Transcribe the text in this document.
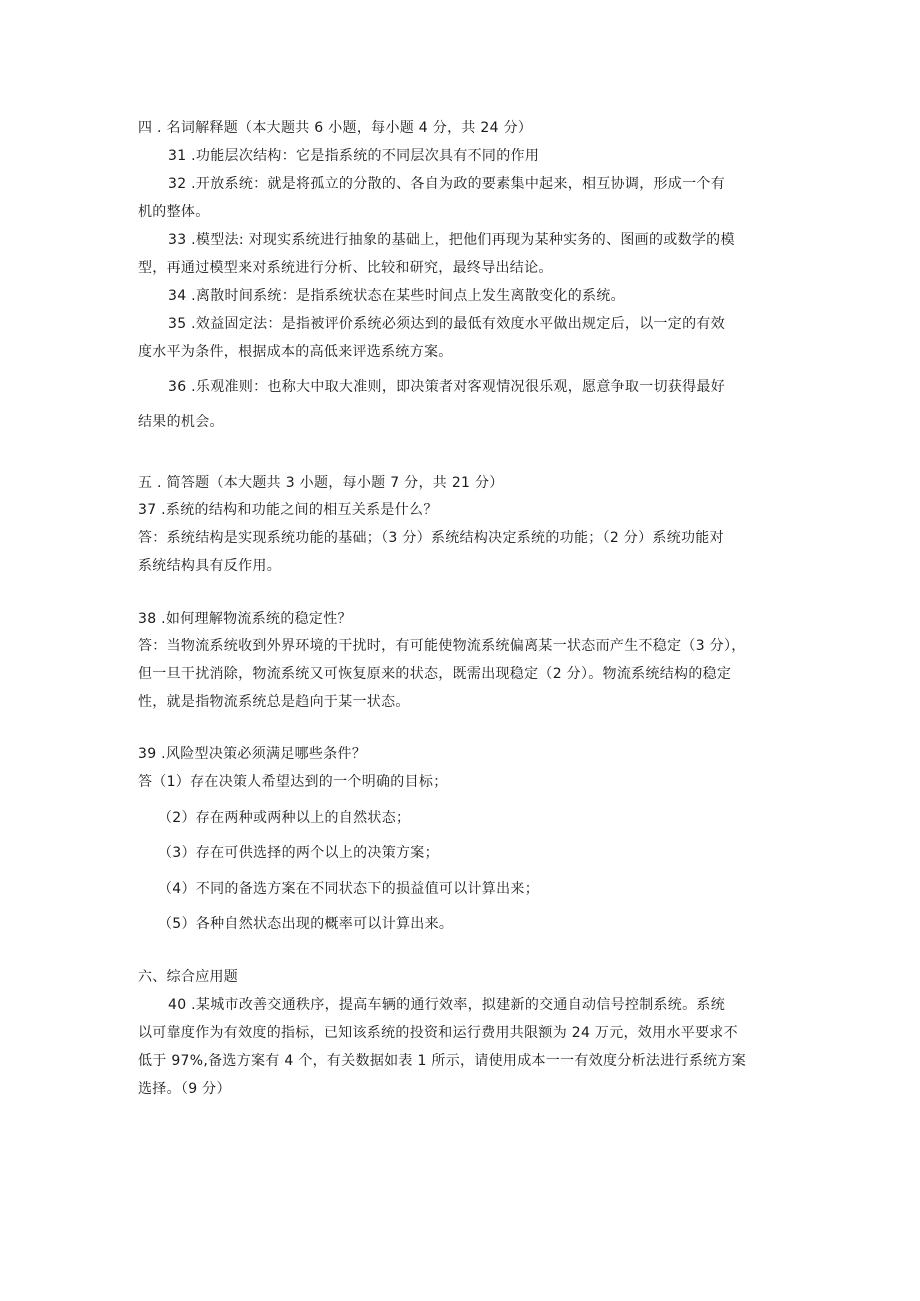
四 . 名词解释题（本大题共 6 小题，每小题 4 分，共 24 分）
31 .功能层次结构：它是指系统的不同层次具有不同的作用
32 .开放系统：就是将孤立的分散的、各自为政的要素集中起来，相互协调，形成一个有
机的整体。
33 .模型法: 对现实系统进行抽象的基础上，把他们再现为某种实务的、图画的或数学的模
型，再通过模型来对系统进行分析、比较和研究，最终导出结论。
34 .离散时间系统：是指系统状态在某些时间点上发生离散变化的系统。
35 .效益固定法：是指被评价系统必须达到的最低有效度水平做出规定后，以一定的有效
度水平为条件，根据成本的高低来评选系统方案。
36 .乐观准则：也称大中取大准则，即决策者对客观情况很乐观，愿意争取一切获得最好
结果的机会。
五 . 简答题（本大题共 3 小题，每小题 7 分，共 21 分）
37 .系统的结构和功能之间的相互关系是什么？
答：系统结构是实现系统功能的基础；（3 分）系统结构决定系统的功能；（2 分）系统功能对
系统结构具有反作用。
38 .如何理解物流系统的稳定性？
答：当物流系统收到外界环境的干扰时，有可能使物流系统偏离某一状态而产生不稳定（3 分），
但一旦干扰消除，物流系统又可恢复原来的状态，既需出现稳定（2 分）。物流系统结构的稳定
性，就是指物流系统总是趋向于某一状态。
39 .风险型决策必须满足哪些条件？
答（1）存在决策人希望达到的一个明确的目标；
（2）存在两种或两种以上的自然状态；
（3）存在可供选择的两个以上的决策方案；
（4）不同的备选方案在不同状态下的损益值可以计算出来；
（5）各种自然状态出现的概率可以计算出来。
六、综合应用题
40 .某城市改善交通秩序，提高车辆的通行效率，拟建新的交通自动信号控制系统。系统
以可靠度作为有效度的指标，已知该系统的投资和运行费用共限额为 24 万元，效用水平要求不
低于 97%,备选方案有 4 个，有关数据如表 1 所示，请使用成本一一有效度分析法进行系统方案
选择。（9 分）
